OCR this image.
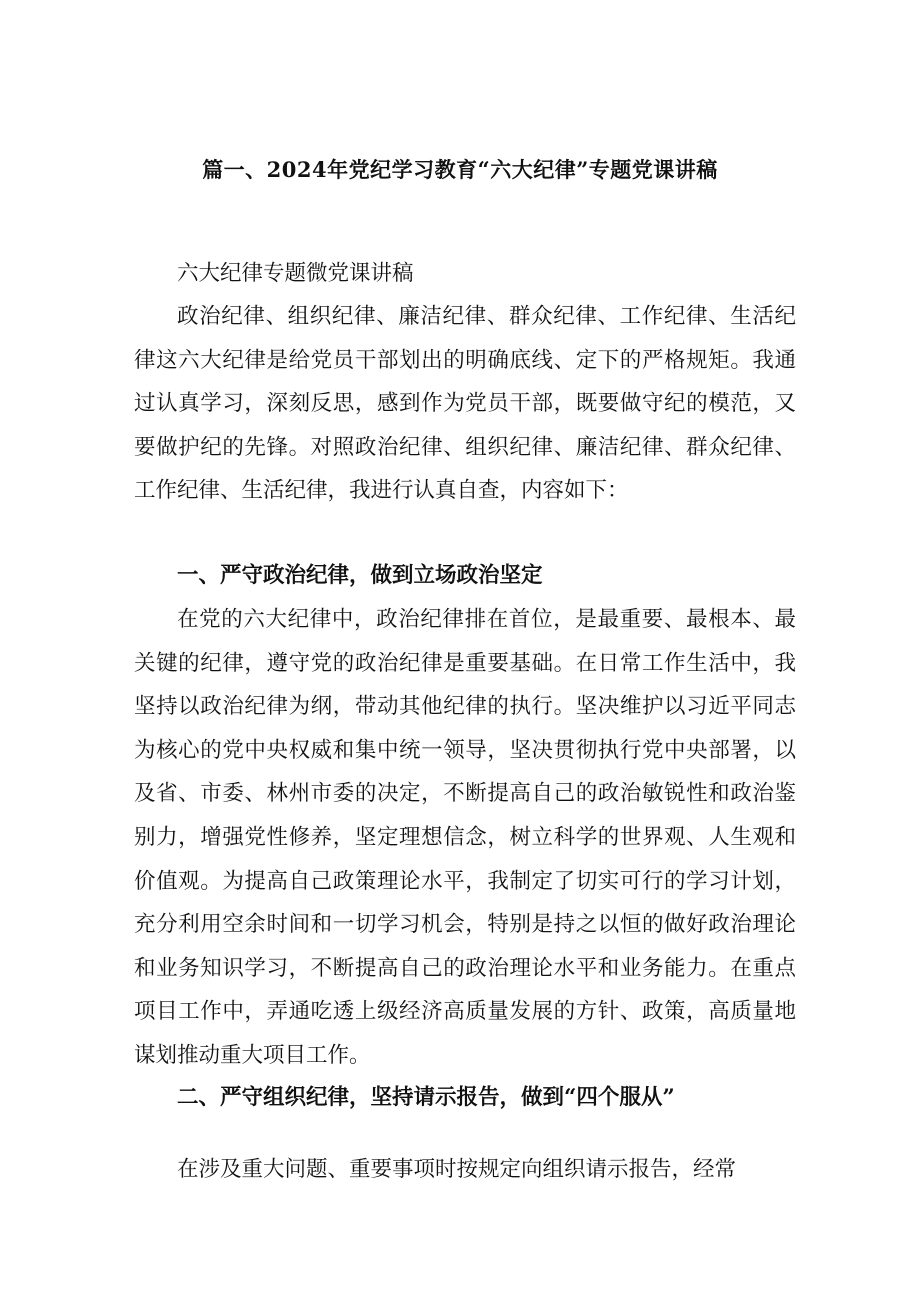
篇一、2024年党纪学习教育“六大纪律”专题党课讲稿

六大纪律专题微党课讲稿

政治纪律、组织纪律、廉洁纪律、群众纪律、工作纪律、生活纪律这六大纪律是给党员干部划出的明确底线、定下的严格规矩。我通过认真学习，深刻反思，感到作为党员干部，既要做守纪的模范，又要做护纪的先锋。对照政治纪律、组织纪律、廉洁纪律、群众纪律、工作纪律、生活纪律，我进行认真自查，内容如下：

一、严守政治纪律，做到立场政治坚定

在党的六大纪律中，政治纪律排在首位，是最重要、最根本、最关键的纪律，遵守党的政治纪律是重要基础。在日常工作生活中，我坚持以政治纪律为纲，带动其他纪律的执行。坚决维护以习近平同志为核心的党中央权威和集中统一领导，坚决贯彻执行党中央部署，以及省、市委、林州市委的决定，不断提高自己的政治敏锐性和政治鉴别力，增强党性修养，坚定理想信念，树立科学的世界观、人生观和价值观。为提高自己政策理论水平，我制定了切实可行的学习计划，充分利用空余时间和一切学习机会，特别是持之以恒的做好政治理论和业务知识学习，不断提高自己的政治理论水平和业务能力。在重点项目工作中，弄通吃透上级经济高质量发展的方针、政策，高质量地谋划推动重大项目工作。

二、严守组织纪律，坚持请示报告，做到“四个服从”

在涉及重大问题、重要事项时按规定向组织请示报告，经常
